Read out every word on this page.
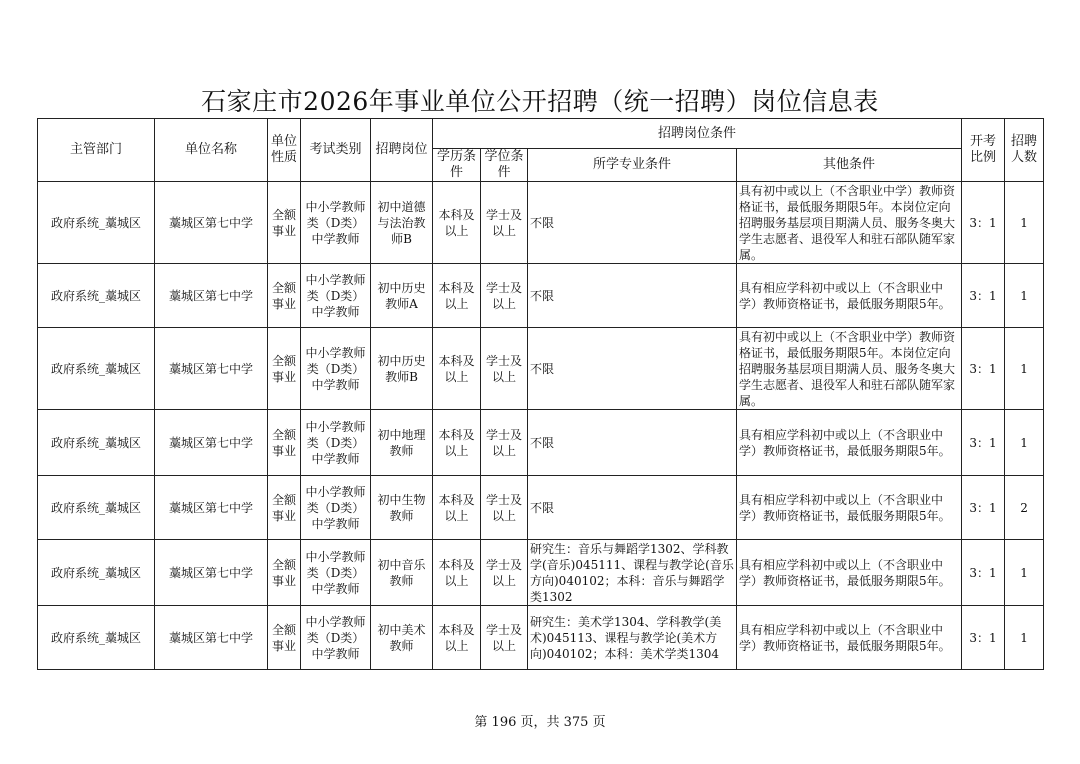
石家庄市2026年事业单位公开招聘（统一招聘）岗位信息表
主管部门	单位名称	单位性质	考试类别	招聘岗位	招聘岗位条件				开考比例	招聘人数
					学历条件	学位条件	所学专业条件	其他条件		
政府系统_藁城区	藁城区第七中学	全额事业	中小学教师类（D类）中学教师	初中道德与法治教师B	本科及以上	学士及以上	不限	具有初中或以上（不含职业中学）教师资格证书，最低服务期限5年。本岗位定向招聘服务基层项目期满人员、服务冬奥大学生志愿者、退役军人和驻石部队随军家属。	3：1	1
政府系统_藁城区	藁城区第七中学	全额事业	中小学教师类（D类）中学教师	初中历史教师A	本科及以上	学士及以上	不限	具有相应学科初中或以上（不含职业中学）教师资格证书，最低服务期限5年。	3：1	1
政府系统_藁城区	藁城区第七中学	全额事业	中小学教师类（D类）中学教师	初中历史教师B	本科及以上	学士及以上	不限	具有初中或以上（不含职业中学）教师资格证书，最低服务期限5年。本岗位定向招聘服务基层项目期满人员、服务冬奥大学生志愿者、退役军人和驻石部队随军家属。	3：1	1
政府系统_藁城区	藁城区第七中学	全额事业	中小学教师类（D类）中学教师	初中地理教师	本科及以上	学士及以上	不限	具有相应学科初中或以上（不含职业中学）教师资格证书，最低服务期限5年。	3：1	1
政府系统_藁城区	藁城区第七中学	全额事业	中小学教师类（D类）中学教师	初中生物教师	本科及以上	学士及以上	不限	具有相应学科初中或以上（不含职业中学）教师资格证书，最低服务期限5年。	3：1	2
政府系统_藁城区	藁城区第七中学	全额事业	中小学教师类（D类）中学教师	初中音乐教师	本科及以上	学士及以上	研究生：音乐与舞蹈学1302、学科教学(音乐)045111、课程与教学论(音乐方向)040102；本科：音乐与舞蹈学类1302	具有相应学科初中或以上（不含职业中学）教师资格证书，最低服务期限5年。	3：1	1
政府系统_藁城区	藁城区第七中学	全额事业	中小学教师类（D类）中学教师	初中美术教师	本科及以上	学士及以上	研究生：美术学1304、学科教学(美术)045113、课程与教学论(美术方向)040102；本科：美术学类1304	具有相应学科初中或以上（不含职业中学）教师资格证书，最低服务期限5年。	3：1	1
第 196 页，共 375 页
